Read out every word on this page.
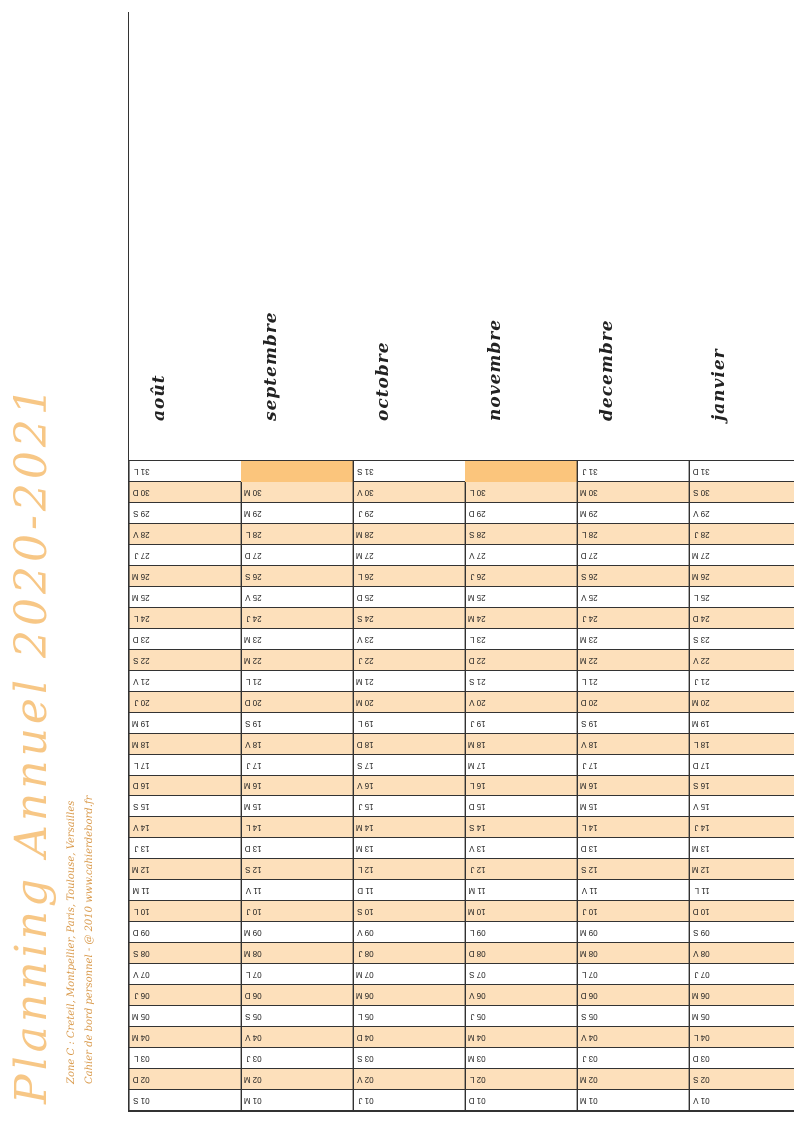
Planning Annuel 2020-2021 Zone C : Creteil, Montpellier, Paris, Toulouse, Versailles Cahier de bord personnel - @ 2010 www.cahierdebord.fr
août
01 S
02 D
03 L
04 M
05 M
06 J
07 V
08 S
09 D
10 L
11 M
12 M
13 J
14 V
15 S
16 D
17 L
18 M
19 M
20 J
21 V
22 S
23 D
24 L
25 M
26 M
27 J
28 V
29 S
30 D
31 L
septembre
01 M
02 M
03 J
04 V
05 S
06 D
07 L
08 M
09 M
10 J
11 V
12 S
13 D
14 L
15 M
16 M
17 J
18 V
19 S
20 D
21 L
22 M
23 M
24 J
25 V
26 S
27 D
28 L
29 M
30 M
octobre
01 J
02 V
03 S
04 D
05 L
06 M
07 M
08 J
09 V
10 S
11 D
12 L
13 M
14 M
15 J
16 V
17 S
18 D
19 L
20 M
21 M
22 J
23 V
24 S
25 D
26 L
27 M
28 M
29 J
30 V
31 S
novembre
01 D
02 L
03 M
04 M
05 J
06 V
07 S
08 D
09 L
10 M
11 M
12 J
13 V
14 S
15 D
16 L
17 M
18 M
19 J
20 V
21 S
22 D
23 L
24 M
25 M
26 J
27 V
28 S
29 D
30 L
decembre
01 M
02 M
03 J
04 V
05 S
06 D
07 L
08 M
09 M
10 J
11 V
12 S
13 D
14 L
15 M
16 M
17 J
18 V
19 S
20 D
21 L
22 M
23 M
24 J
25 V
26 S
27 D
28 L
29 M
30 M
31 J
janvier
01 V
02 S
03 D
04 L
05 M
06 M
07 J
08 V
09 S
10 D
11 L
12 M
13 M
14 J
15 V
16 S
17 D
18 L
19 M
20 M
21 J
22 V
23 S
24 D
25 L
26 M
27 M
28 J
29 V
30 S
31 D
